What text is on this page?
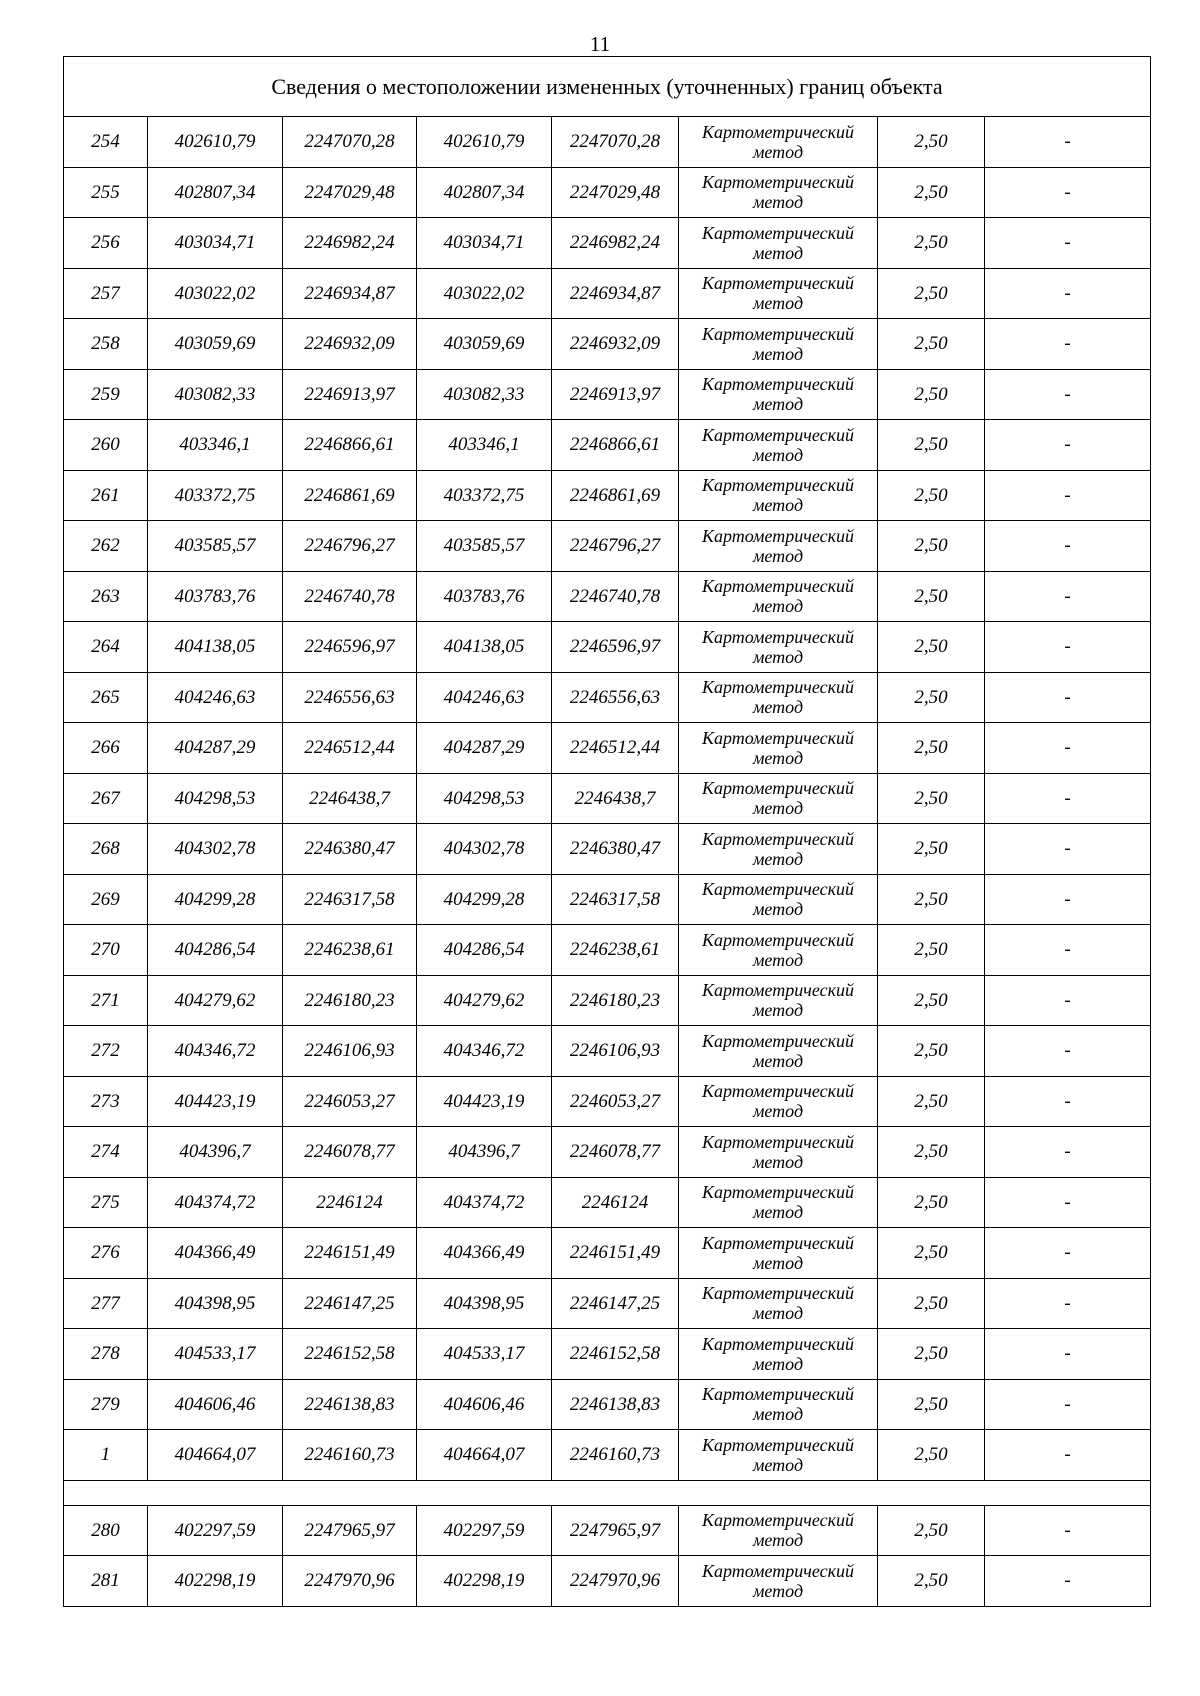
11
Сведения о местоположении измененных (уточненных) границ объекта							
254	402610,79	2247070,28	402610,79	2247070,28	Картометрический
метод	2,50	-
255	402807,34	2247029,48	402807,34	2247029,48	Картометрический
метод	2,50	-
256	403034,71	2246982,24	403034,71	2246982,24	Картометрический
метод	2,50	-
257	403022,02	2246934,87	403022,02	2246934,87	Картометрический
метод	2,50	-
258	403059,69	2246932,09	403059,69	2246932,09	Картометрический
метод	2,50	-
259	403082,33	2246913,97	403082,33	2246913,97	Картометрический
метод	2,50	-
260	403346,1	2246866,61	403346,1	2246866,61	Картометрический
метод	2,50	-
261	403372,75	2246861,69	403372,75	2246861,69	Картометрический
метод	2,50	-
262	403585,57	2246796,27	403585,57	2246796,27	Картометрический
метод	2,50	-
263	403783,76	2246740,78	403783,76	2246740,78	Картометрический
метод	2,50	-
264	404138,05	2246596,97	404138,05	2246596,97	Картометрический
метод	2,50	-
265	404246,63	2246556,63	404246,63	2246556,63	Картометрический
метод	2,50	-
266	404287,29	2246512,44	404287,29	2246512,44	Картометрический
метод	2,50	-
267	404298,53	2246438,7	404298,53	2246438,7	Картометрический
метод	2,50	-
268	404302,78	2246380,47	404302,78	2246380,47	Картометрический
метод	2,50	-
269	404299,28	2246317,58	404299,28	2246317,58	Картометрический
метод	2,50	-
270	404286,54	2246238,61	404286,54	2246238,61	Картометрический
метод	2,50	-
271	404279,62	2246180,23	404279,62	2246180,23	Картометрический
метод	2,50	-
272	404346,72	2246106,93	404346,72	2246106,93	Картометрический
метод	2,50	-
273	404423,19	2246053,27	404423,19	2246053,27	Картометрический
метод	2,50	-
274	404396,7	2246078,77	404396,7	2246078,77	Картометрический
метод	2,50	-
275	404374,72	2246124	404374,72	2246124	Картометрический
метод	2,50	-
276	404366,49	2246151,49	404366,49	2246151,49	Картометрический
метод	2,50	-
277	404398,95	2246147,25	404398,95	2246147,25	Картометрический
метод	2,50	-
278	404533,17	2246152,58	404533,17	2246152,58	Картометрический
метод	2,50	-
279	404606,46	2246138,83	404606,46	2246138,83	Картометрический
метод	2,50	-
1	404664,07	2246160,73	404664,07	2246160,73	Картометрический
метод	2,50	-

280	402297,59	2247965,97	402297,59	2247965,97	Картометрический
метод	2,50	-
281	402298,19	2247970,96	402298,19	2247970,96	Картометрический
метод	2,50	-
